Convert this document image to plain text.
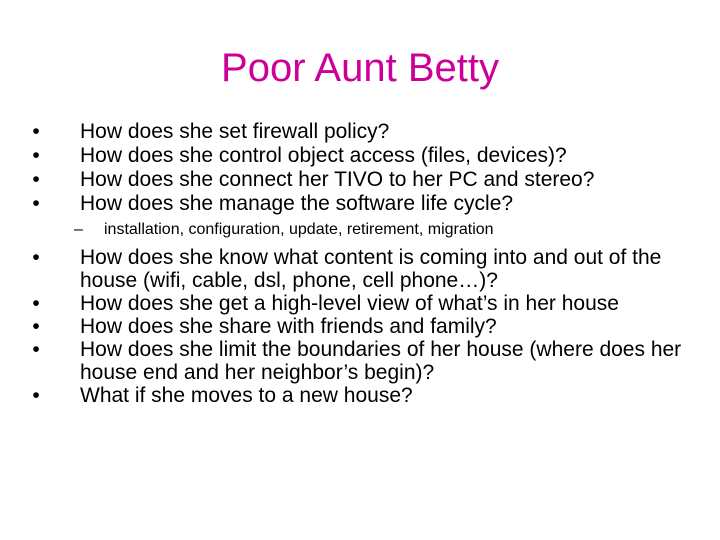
Poor Aunt Betty
• How does she set firewall policy?
• How does she control object access (files, devices)?
• How does she connect her TIVO to her PC and stereo?
• How does she manage the software life cycle?
– installation, configuration, update, retirement, migration
• How does she know what content is coming into and out of the house (wifi, cable, dsl, phone, cell phone…)?
• How does she get a high-level view of what’s in her house
• How does she share with friends and family?
• How does she limit the boundaries of her house (where does her house end and her neighbor’s begin)?
• What if she moves to a new house?
